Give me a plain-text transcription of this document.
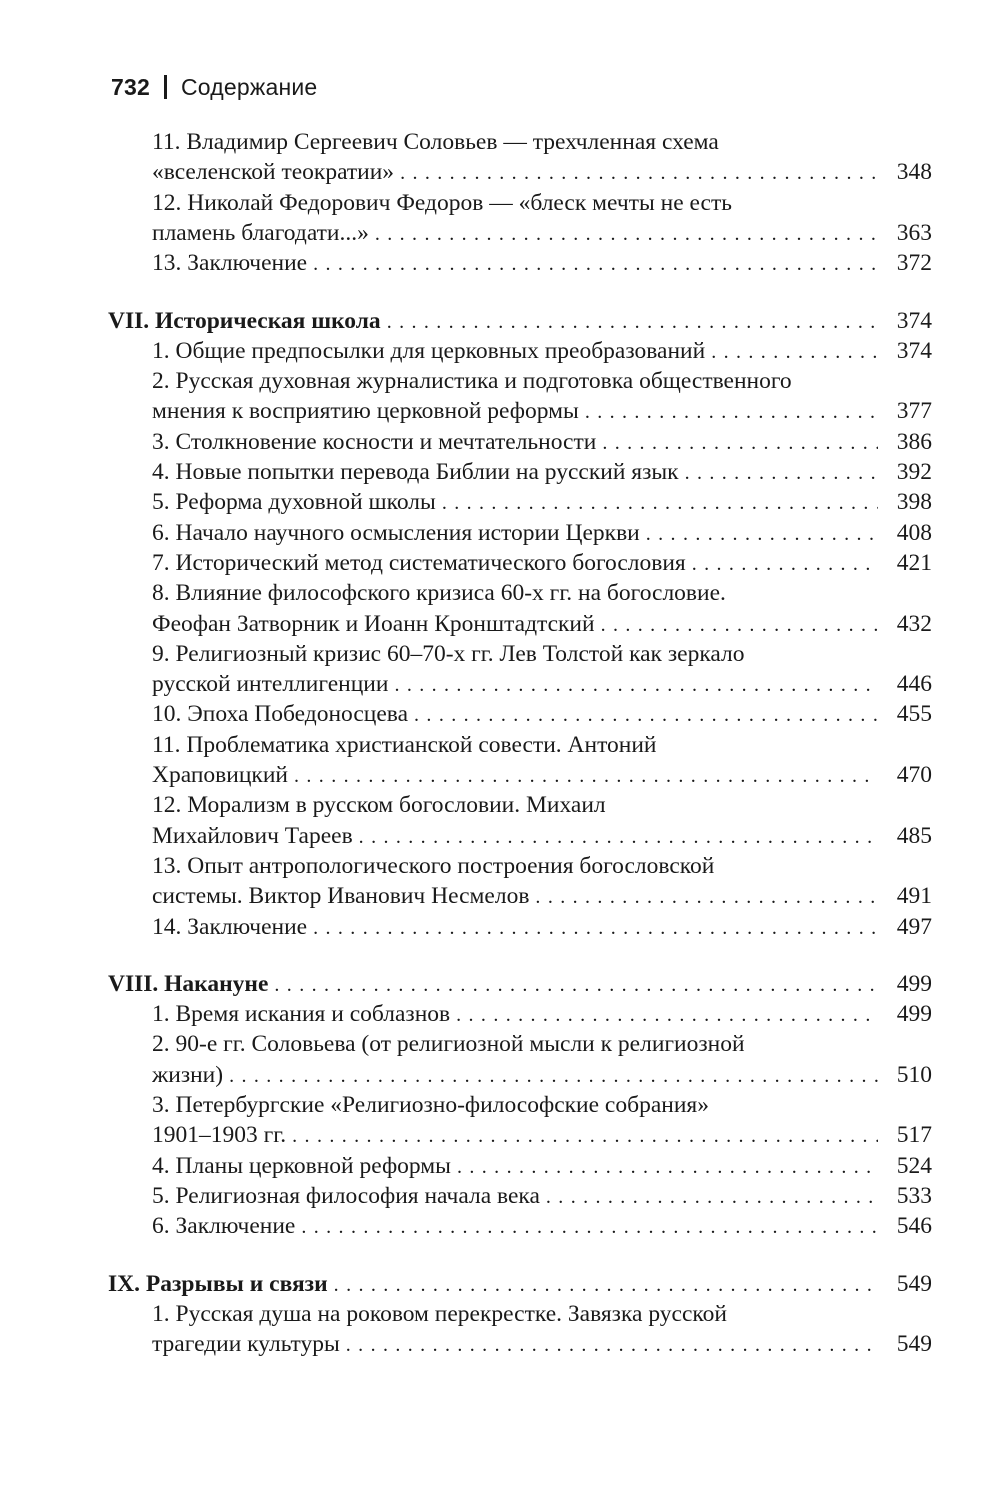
732 Содержание
11. Владимир Сергеевич Соловьев — трехчленная схема
«вселенской теократии» . . .	348
12. Николай Федорович Федоров — «блеск мечты не есть
пламень благодати...» . . .	363
13. Заключение . . .	372
VII. Историческая школа . . .	374
1. Общие предпосылки для церковных преобразований . . .	374
2. Русская духовная журналистика и подготовка общественного
мнения к восприятию церковной реформы . . .	377
3. Столкновение косности и мечтательности . . .	386
4. Новые попытки перевода Библии на русский язык . . .	392
5. Реформа духовной школы . . .	398
6. Начало научного осмысления истории Церкви . . .	408
7. Исторический метод систематического богословия . . .	421
8. Влияние философского кризиса 60-х гг. на богословие.
Феофан Затворник и Иоанн Кронштадтский . . .	432
9. Религиозный кризис 60–70-х гг. Лев Толстой как зеркало
русской интеллигенции . . .	446
10. Эпоха Победоносцева . . .	455
11. Проблематика христианской совести. Антоний
Храповицкий . . .	470
12. Морализм в русском богословии. Михаил
Михайлович Тареев . . .	485
13. Опыт антропологического построения богословской
системы. Виктор Иванович Несмелов . . .	491
14. Заключение . . .	497
VIII. Накануне . . .	499
1. Время искания и соблазнов . . .	499
2. 90-е гг. Соловьева (от религиозной мысли к религиозной
жизни) . . .	510
3. Петербургские «Религиозно-философские собрания»
1901–1903 гг. . . .	517
4. Планы церковной реформы . . .	524
5. Религиозная философия начала века . . .	533
6. Заключение . . .	546
IX. Разрывы и связи . . .	549
1. Русская душа на роковом перекрестке. Завязка русской
трагедии культуры . . .	549
